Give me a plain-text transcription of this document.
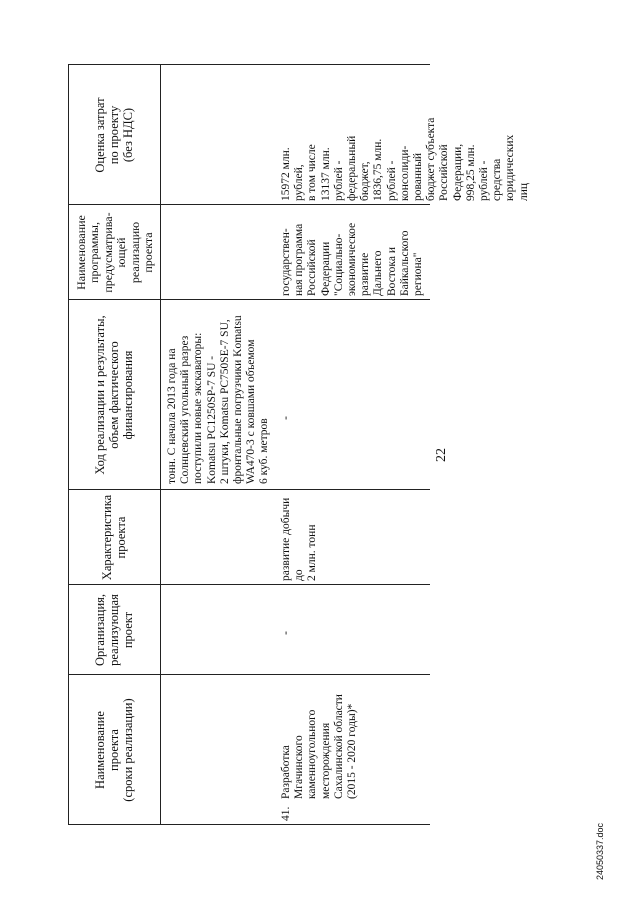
22
Наименование
проекта
(сроки реализации)
Организация,
реализующая
проект
Характеристика
проекта
Ход реализации и результаты,
объем фактического
финансирования
Наименование
программы,
предусматрива-
ющей
реализацию
проекта
Оценка затрат
по проекту
(без НДС)
тонн. С начала 2013 года на
Солнцевский угольный разрез
поступили новые экскаваторы:
Komatsu PC1250SP-7 SU -
2 штуки, Komatsu PC750SE-7 SU,
фронтальные погрузчики Komatsu
WA470-3 с ковшами объемом
6 куб. метров
41.
Разработка
Мгачинского
каменноугольного
месторождения
Сахалинской области
(2015 - 2020 годы)*
-
развитие добычи до
2 млн. тонн
-
государствен-
ная программа
Российской
Федерации
"Социально-
экономическое
развитие
Дальнего
Востока и
Байкальского
региона"
15972 млн.
рублей,
в том числе
13137 млн.
рублей -
федеральный
бюджет,
1836,75 млн.
рублей -
консолиди-
рованный
бюджет субъекта
Российской
Федерации,
998,25 млн.
рублей -
средства
юридических
лиц
24050337.doc
